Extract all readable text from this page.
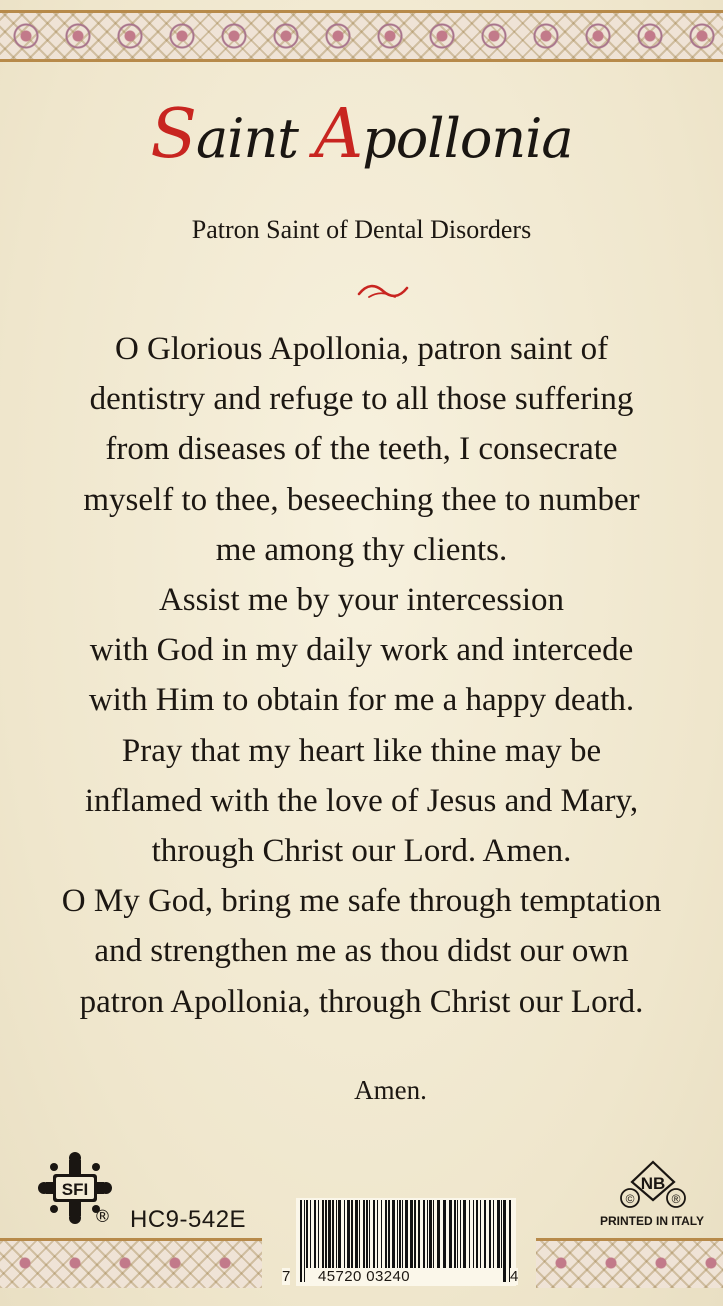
Saint Apollonia
Patron Saint of Dental Disorders
O Glorious Apollonia, patron saint of
dentistry and refuge to all those suffering
from diseases of the teeth, I consecrate
myself to thee, beseeching thee to number
me among thy clients.
Assist me by your intercession
with God in my daily work and intercede
with Him to obtain for me a happy death.
Pray that my heart like thine may be
inflamed with the love of Jesus and Mary,
through Christ our Lord. Amen.
O My God, bring me safe through temptation
and strengthen me as thou didst our own
patron Apollonia, through Christ our Lord.
Amen.
SFI
® HC9-542E
7 45720 03240	4
NB
©	®
PRINTED IN ITALY
